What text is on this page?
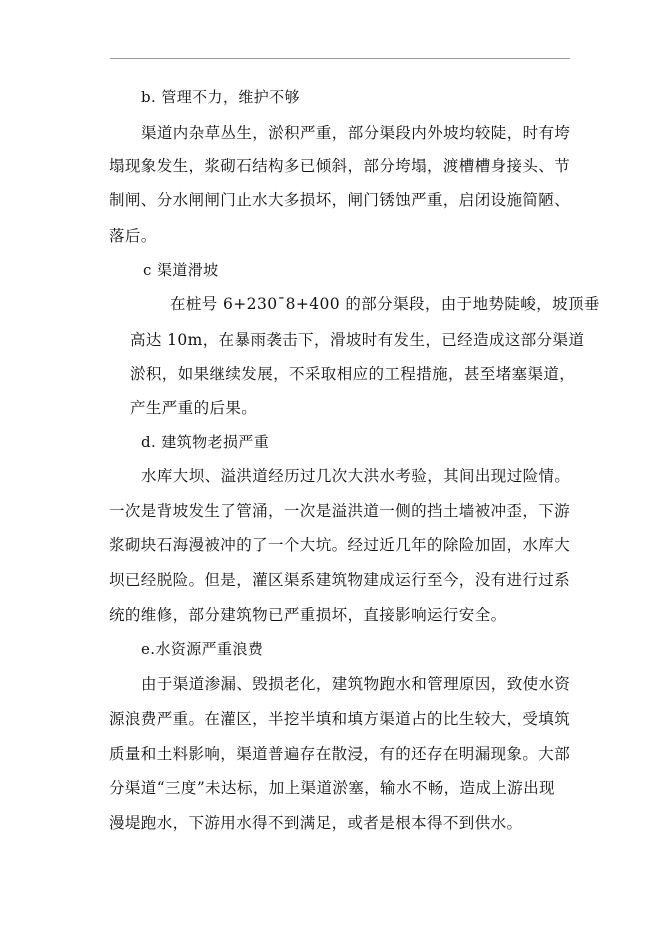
b. 管理不力，维护不够
渠道内杂草丛生，淤积严重，部分渠段内外坡均较陡，时有垮
塌现象发生，浆砌石结构多已倾斜，部分垮塌，渡槽槽身接头、节
制闸、分水闸闸门止水大多损坏，闸门锈蚀严重，启闭设施简陋、
落后。
c 渠道滑坡
在桩号 6+230¯8+400 的部分渠段，由于地势陡峻，坡顶垂
高达 10m，在暴雨袭击下，滑坡时有发生，已经造成这部分渠道
淤积，如果继续发展，不采取相应的工程措施，甚至堵塞渠道，
产生严重的后果。
d. 建筑物老损严重
水库大坝、溢洪道经历过几次大洪水考验，其间出现过险情。
一次是背坡发生了管涌，一次是溢洪道一侧的挡土墙被冲歪，下游
浆砌块石海漫被冲的了一个大坑。经过近几年的除险加固，水库大
坝已经脱险。但是，灌区渠系建筑物建成运行至今，没有进行过系
统的维修，部分建筑物已严重损坏，直接影响运行安全。
e.水资源严重浪费
由于渠道渗漏、毁损老化，建筑物跑水和管理原因，致使水资
源浪费严重。在灌区，半挖半填和填方渠道占的比生较大，受填筑
质量和土料影响，渠道普遍存在散浸，有的还存在明漏现象。大部
分渠道“三度”未达标，加上渠道淤塞，输水不畅，造成上游出现
漫堤跑水，下游用水得不到满足，或者是根本得不到供水。
